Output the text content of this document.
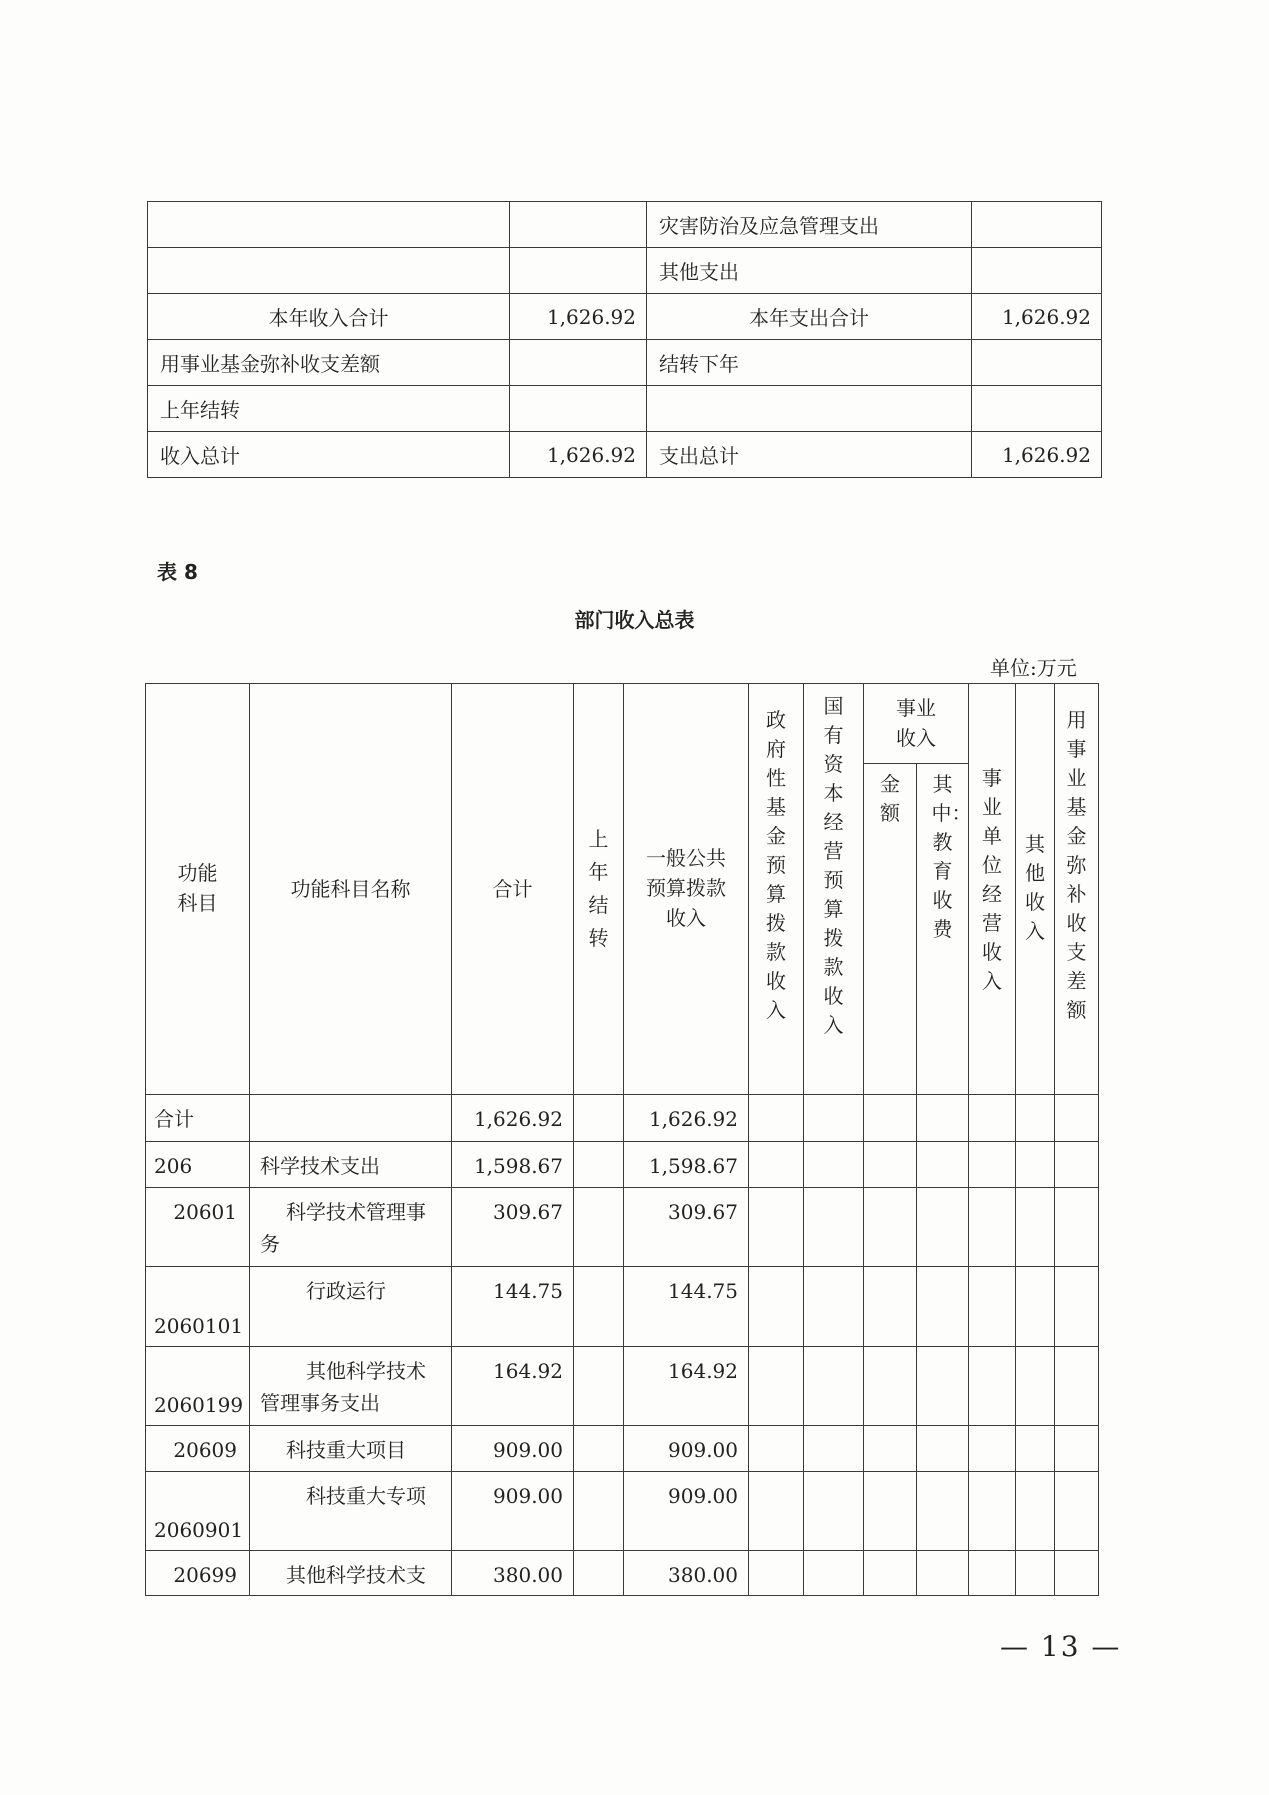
		灾害防治及应急管理支出	
		其他支出	
本年收入合计	1,626.92	本年支出合计	1,626.92
用事业基金弥补收支差额		结转下年	
上年结转			
收入总计	1,626.92	支出总计	1,626.92
表 8
部门收入总表
单位:万元
功能科目	功能科目名称	合计	上年结转	一般公共预算拨款收入	政府性基金预算拨款收入	国有资本经营预算拨款收入	事业收入		事业单位经营收入	其他收入	用事业基金弥补收支差额
							金额	其中：教育收费			
合计		1,626.92		1,626.92							
206	科学技术支出	1,598.67		1,598.67							
20601	科学技术管理事务	309.67		309.67							
2060101	行政运行	144.75		144.75							
2060199	其他科学技术管理事务支出	164.92		164.92							
20609	科技重大项目	909.00		909.00							
2060901	科技重大专项	909.00		909.00							
20699	其他科学技术支	380.00		380.00							
— 13 —
